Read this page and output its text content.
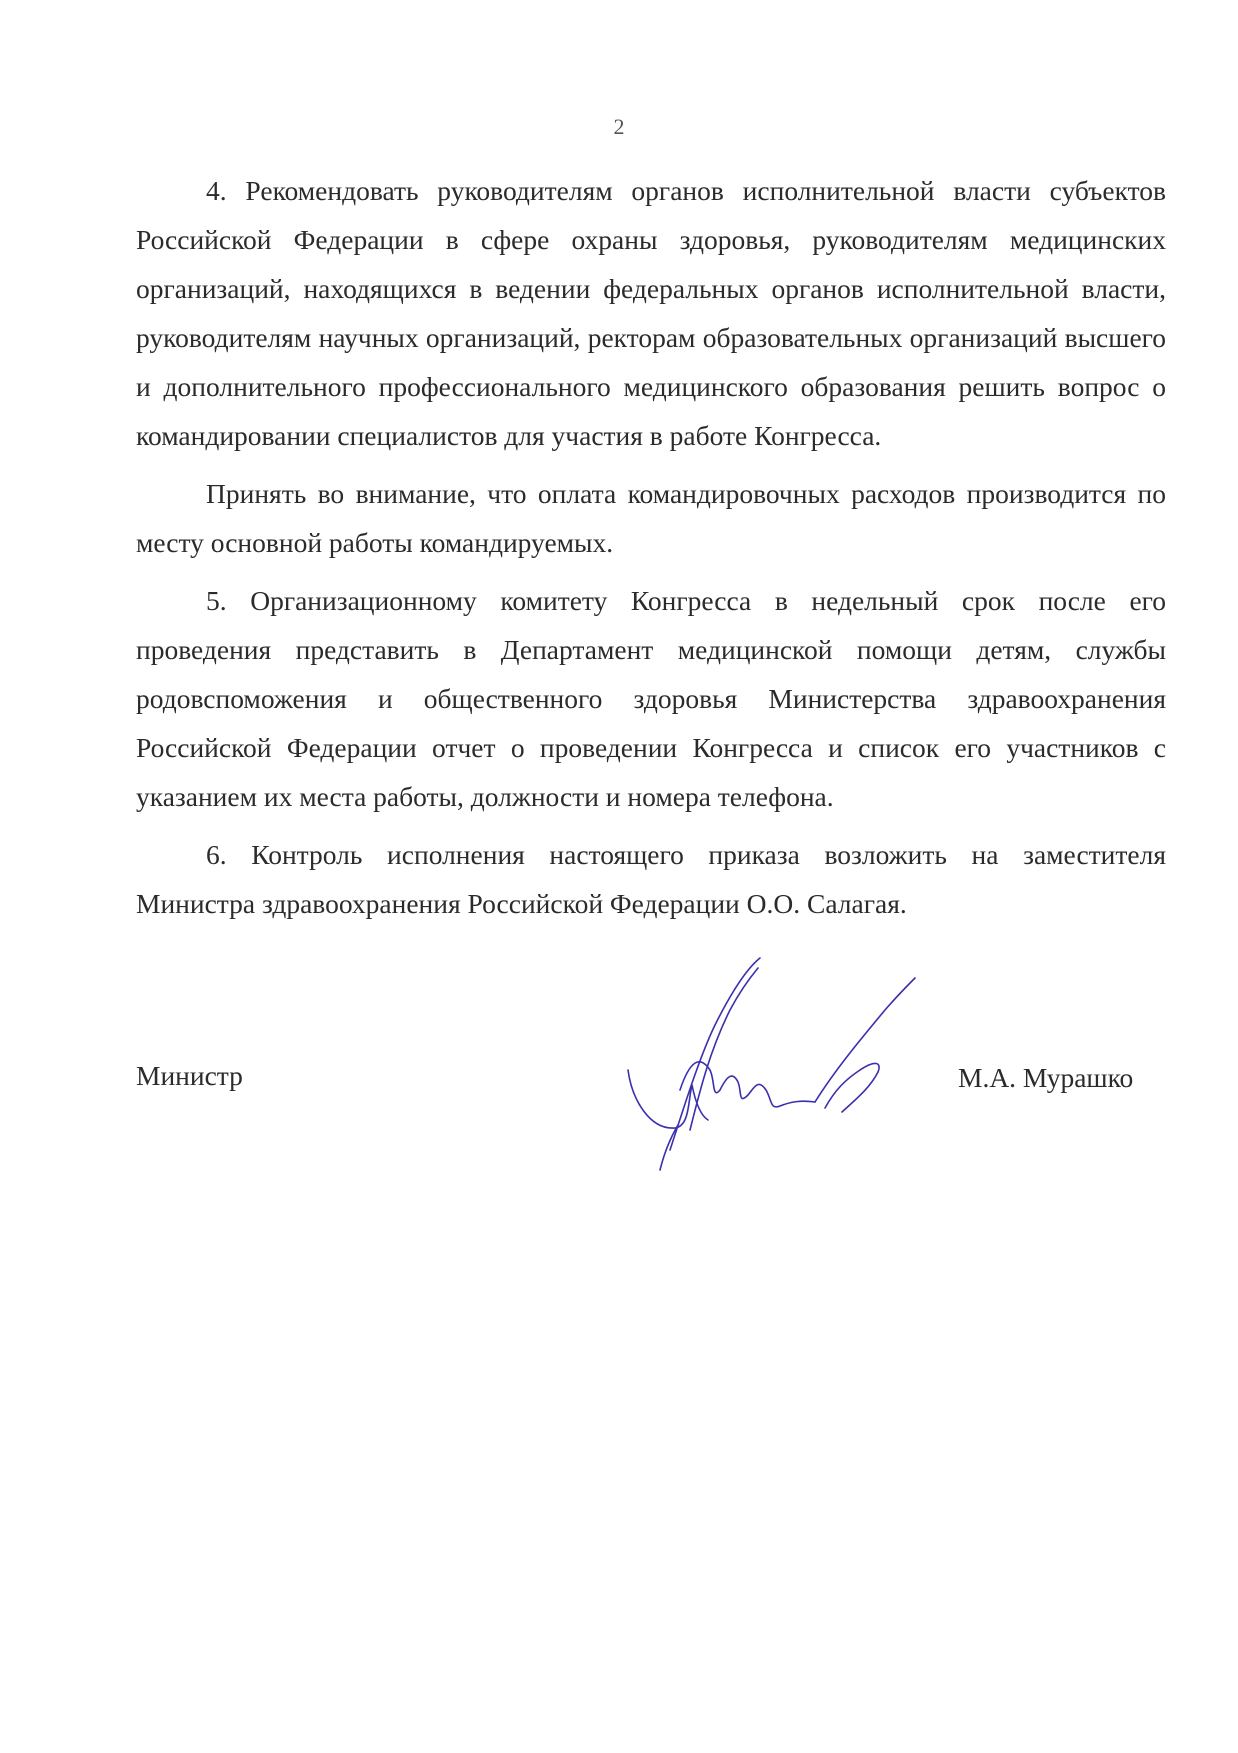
2

4. Рекомендовать руководителям органов исполнительной власти субъектов Российской Федерации в сфере охраны здоровья, руководителям медицинских организаций, находящихся в ведении федеральных органов исполнительной власти, руководителям научных организаций, ректорам образовательных организаций высшего и дополнительного профессионального медицинского образования решить вопрос о командировании специалистов для участия в работе Конгресса.

Принять во внимание, что оплата командировочных расходов производится по месту основной работы командируемых.

5. Организационному комитету Конгресса в недельный срок после его проведения представить в Департамент медицинской помощи детям, службы родовспоможения и общественного здоровья Министерства здравоохранения Российской Федерации отчет о проведении Конгресса и список его участников с указанием их места работы, должности и номера телефона.

6. Контроль исполнения настоящего приказа возложить на заместителя Министра здравоохранения Российской Федерации О.О. Салагая.

Министр	М.А. Мурашко
